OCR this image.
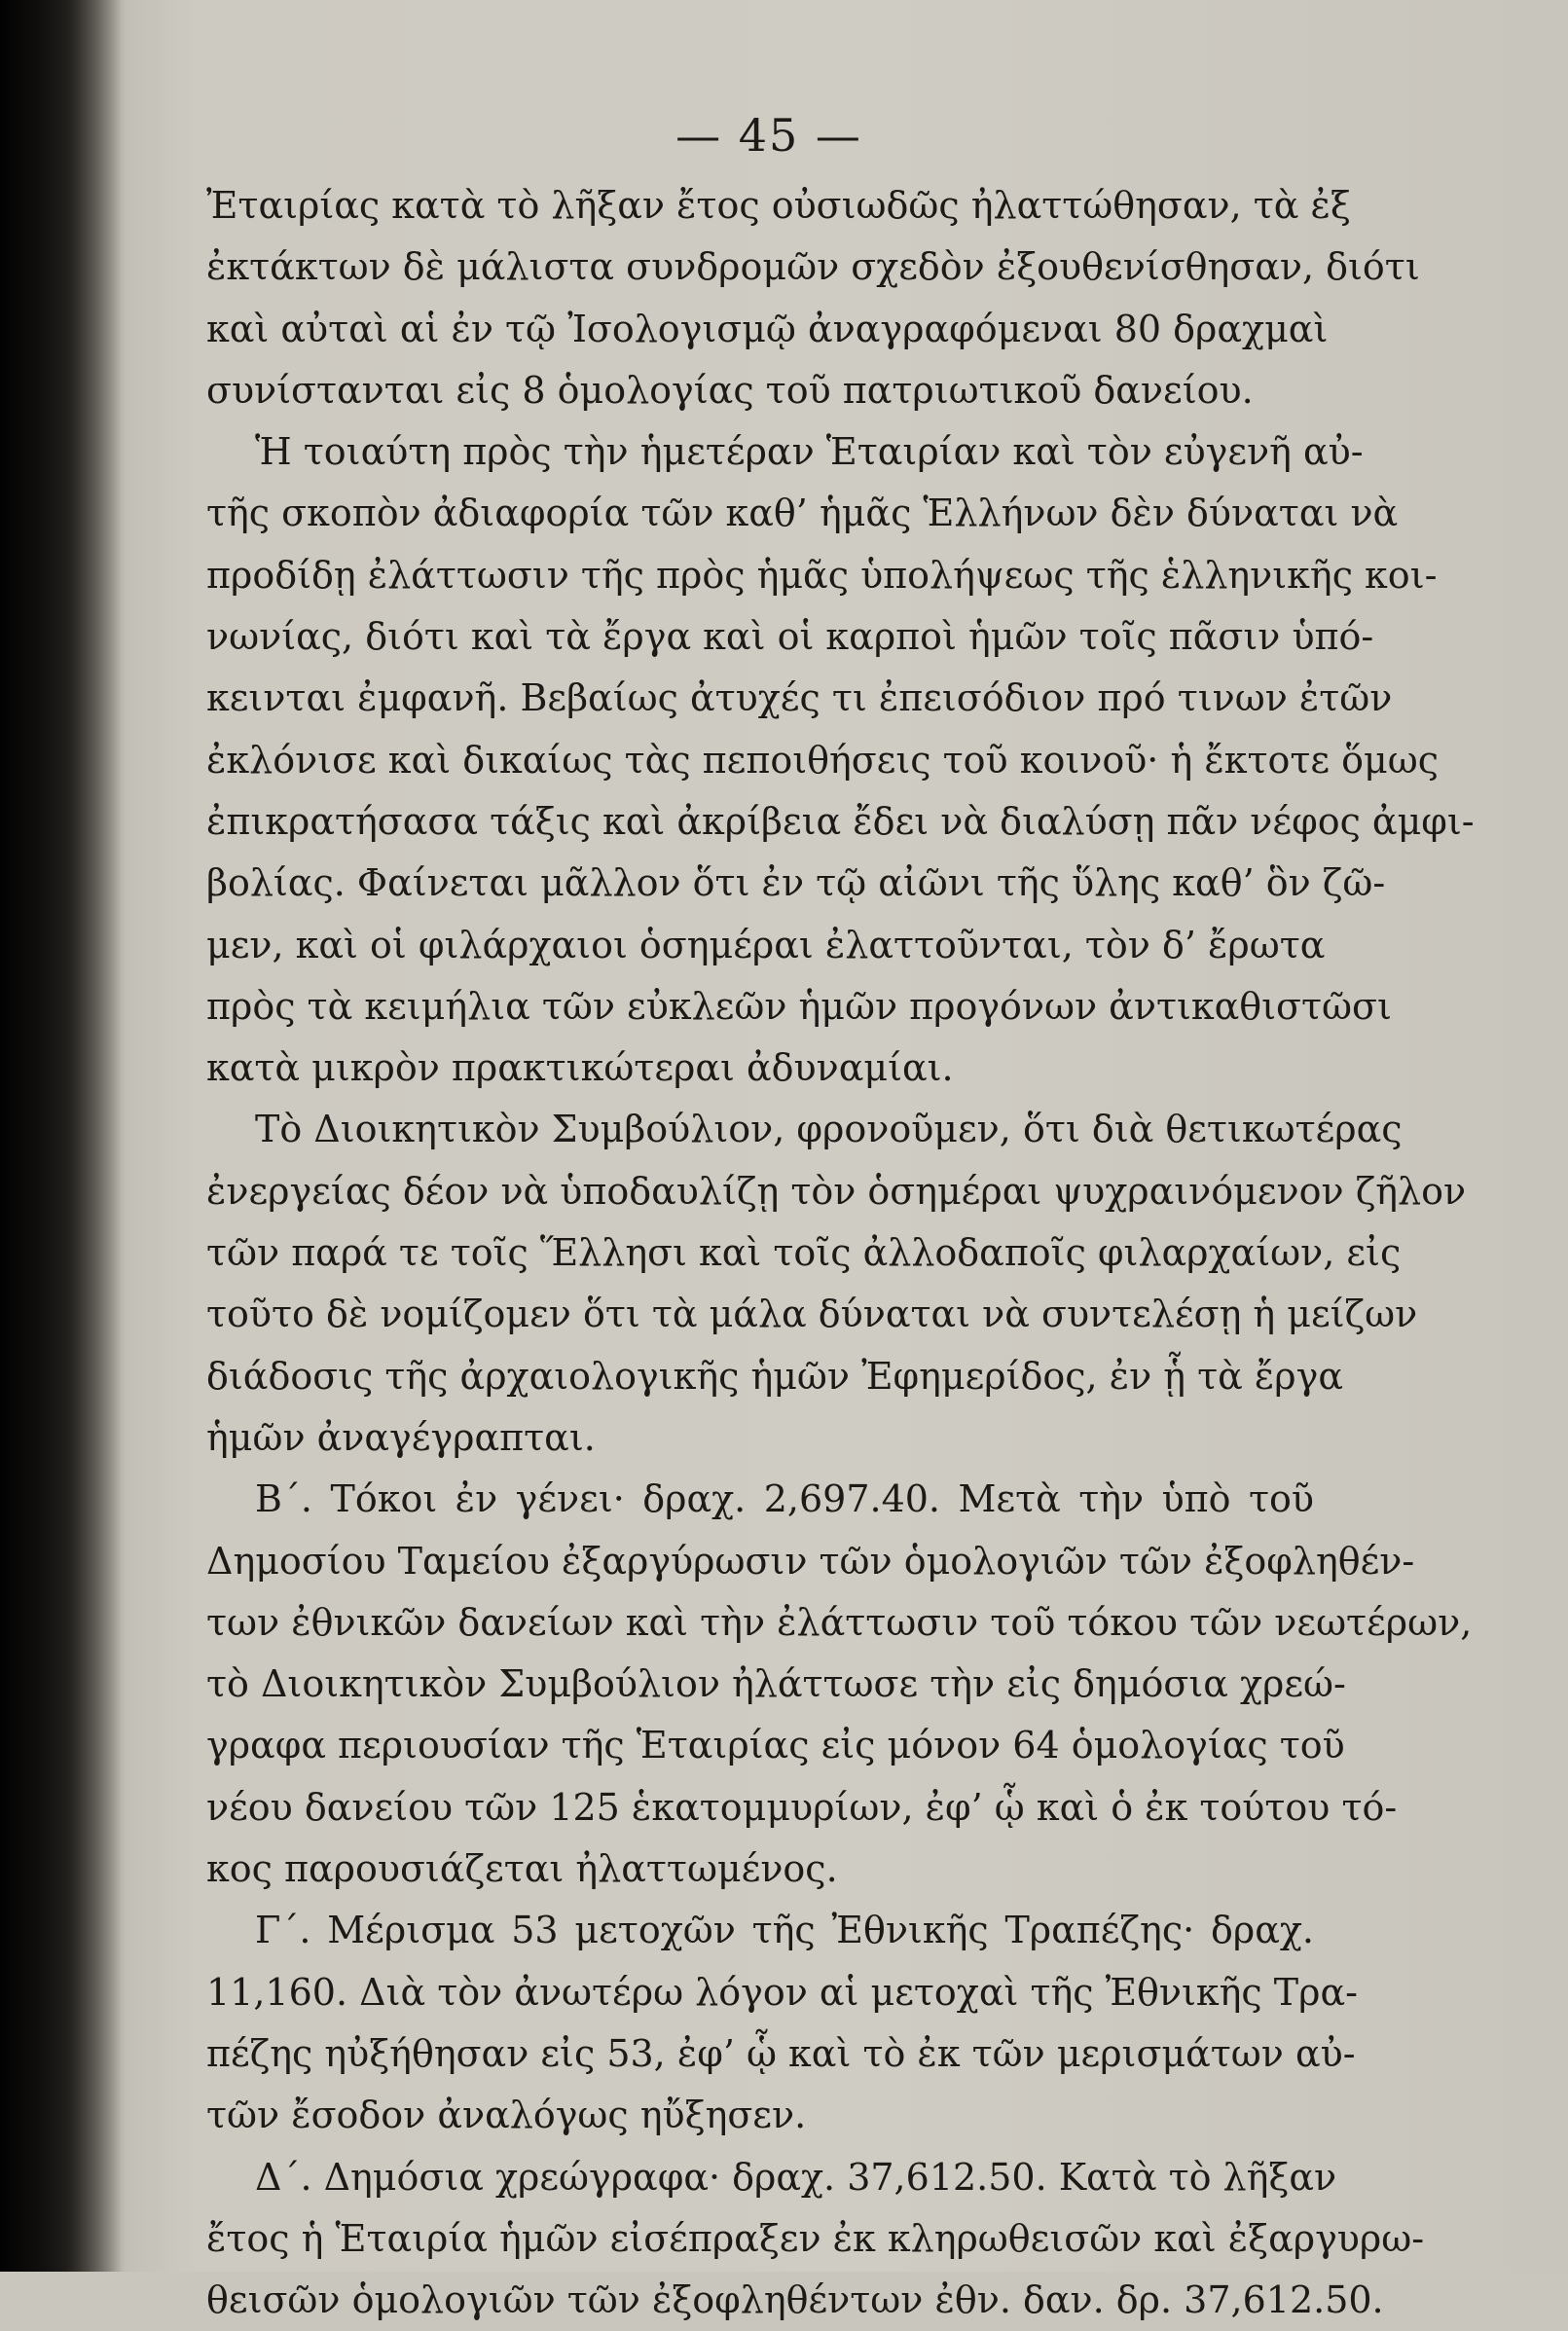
— 45 —
Ἐταιρίας κατὰ τὸ λῆξαν ἔτος οὐσιωδῶς ἠλαττώθησαν, τὰ ἐξ
ἐκτάκτων δὲ μάλιστα συνδρομῶν σχεδὸν ἐξουθενίσθησαν, διότι
καὶ αὐταὶ αἱ ἐν τῷ Ἰσολογισμῷ ἀναγραφόμεναι 80 δραχμαὶ
συνίστανται εἰς 8 ὁμολογίας τοῦ πατριωτικοῦ δανείου.
Ἡ τοιαύτη πρὸς τὴν ἡμετέραν Ἑταιρίαν καὶ τὸν εὐγενῆ αὐ-
τῆς σκοπὸν ἀδιαφορία τῶν καθ’ ἡμᾶς Ἑλλήνων δὲν δύναται νὰ
προδίδῃ ἐλάττωσιν τῆς πρὸς ἡμᾶς ὑπολήψεως τῆς ἑλληνικῆς κοι-
νωνίας, διότι καὶ τὰ ἔργα καὶ οἱ καρποὶ ἡμῶν τοῖς πᾶσιν ὑπό-
κεινται ἐμφανῆ. Βεβαίως ἀτυχές τι ἐπεισόδιον πρό τινων ἐτῶν
ἐκλόνισε καὶ δικαίως τὰς πεποιθήσεις τοῦ κοινοῦ· ἡ ἔκτοτε ὅμως
ἐπικρατήσασα τάξις καὶ ἀκρίβεια ἔδει νὰ διαλύσῃ πᾶν νέφος ἀμφι-
βολίας. Φαίνεται μᾶλλον ὅτι ἐν τῷ αἰῶνι τῆς ὕλης καθ’ ὃν ζῶ-
μεν, καὶ οἱ φιλάρχαιοι ὁσημέραι ἐλαττοῦνται, τὸν δ’ ἔρωτα
πρὸς τὰ κειμήλια τῶν εὐκλεῶν ἡμῶν προγόνων ἀντικαθιστῶσι
κατὰ μικρὸν πρακτικώτεραι ἀδυναμίαι.
Τὸ Διοικητικὸν Συμβούλιον, φρονοῦμεν, ὅτι διὰ θετικωτέρας
ἐνεργείας δέον νὰ ὑποδαυλίζῃ τὸν ὁσημέραι ψυχραινόμενον ζῆλον
τῶν παρά τε τοῖς Ἕλλησι καὶ τοῖς ἀλλοδαποῖς φιλαρχαίων, εἰς
τοῦτο δὲ νομίζομεν ὅτι τὰ μάλα δύναται νὰ συντελέσῃ ἡ μείζων
διάδοσις τῆς ἀρχαιολογικῆς ἡμῶν Ἐφημερίδος, ἐν ᾗ τὰ ἔργα
ἡμῶν ἀναγέγραπται.
Β΄. Τόκοι ἐν γένει· δραχ. 2,697.40. Μετὰ τὴν ὑπὸ τοῦ
Δημοσίου Ταμείου ἐξαργύρωσιν τῶν ὁμολογιῶν τῶν ἐξοφληθέν-
των ἐθνικῶν δανείων καὶ τὴν ἐλάττωσιν τοῦ τόκου τῶν νεωτέρων,
τὸ Διοικητικὸν Συμβούλιον ἠλάττωσε τὴν εἰς δημόσια χρεώ-
γραφα περιουσίαν τῆς Ἑταιρίας εἰς μόνον 64 ὁμολογίας τοῦ
νέου δανείου τῶν 125 ἑκατομμυρίων, ἐφ’ ᾧ καὶ ὁ ἐκ τούτου τό-
κος παρουσιάζεται ἠλαττωμένος.
Γ΄. Μέρισμα 53 μετοχῶν τῆς Ἐθνικῆς Τραπέζης· δραχ.
11,160. Διὰ τὸν ἀνωτέρω λόγον αἱ μετοχαὶ τῆς Ἐθνικῆς Τρα-
πέζης ηὐξήθησαν εἰς 53, ἐφ’ ᾧ καὶ τὸ ἐκ τῶν μερισμάτων αὐ-
τῶν ἔσοδον ἀναλόγως ηὔξησεν.
Δ΄. Δημόσια χρεώγραφα· δραχ. 37,612.50. Κατὰ τὸ λῆξαν
ἔτος ἡ Ἑταιρία ἡμῶν εἰσέπραξεν ἐκ κληρωθεισῶν καὶ ἐξαργυρω-
θεισῶν ὁμολογιῶν τῶν ἐξοφληθέντων ἐθν. δαν. δρ. 37,612.50.
